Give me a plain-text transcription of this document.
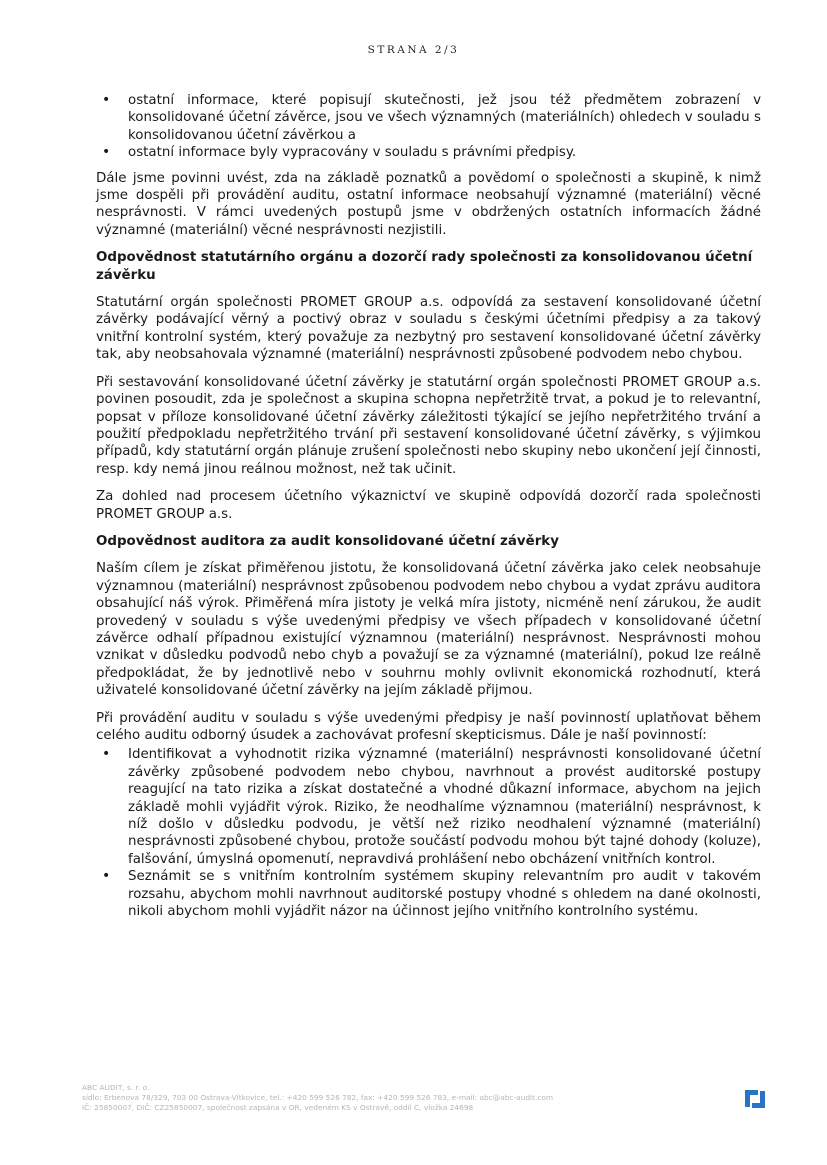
STRANA 2/3
• ostatní informace, které popisují skutečnosti, jež jsou též předmětem zobrazení v konsolidované účetní závěrce, jsou ve všech významných (materiálních) ohledech v souladu s konsolidovanou účetní závěrkou a
• ostatní informace byly vypracovány v souladu s právními předpisy.

Dále jsme povinni uvést, zda na základě poznatků a povědomí o společnosti a skupině, k nimž jsme dospěli při provádění auditu, ostatní informace neobsahují významné (materiální) věcné nesprávnosti. V rámci uvedených postupů jsme v obdržených ostatních informacích žádné významné (materiální) věcné nesprávnosti nezjistili.

Odpovědnost statutárního orgánu a dozorčí rady společnosti za konsolidovanou účetní závěrku

Statutární orgán společnosti PROMET GROUP a.s. odpovídá za sestavení konsolidované účetní závěrky podávající věrný a poctivý obraz v souladu s českými účetními předpisy a za takový vnitřní kontrolní systém, který považuje za nezbytný pro sestavení konsolidované účetní závěrky tak, aby neobsahovala významné (materiální) nesprávnosti způsobené podvodem nebo chybou.

Při sestavování konsolidované účetní závěrky je statutární orgán společnosti PROMET GROUP a.s. povinen posoudit, zda je společnost a skupina schopna nepřetržitě trvat, a pokud je to relevantní, popsat v příloze konsolidované účetní závěrky záležitosti týkající se jejího nepřetržitého trvání a použití předpokladu nepřetržitého trvání při sestavení konsolidované účetní závěrky, s výjimkou případů, kdy statutární orgán plánuje zrušení společnosti nebo skupiny nebo ukončení její činnosti, resp. kdy nemá jinou reálnou možnost, než tak učinit.

Za dohled nad procesem účetního výkaznictví ve skupině odpovídá dozorčí rada společnosti PROMET GROUP a.s.

Odpovědnost auditora za audit konsolidované účetní závěrky

Naším cílem je získat přiměřenou jistotu, že konsolidovaná účetní závěrka jako celek neobsahuje významnou (materiální) nesprávnost způsobenou podvodem nebo chybou a vydat zprávu auditora obsahující náš výrok. Přiměřená míra jistoty je velká míra jistoty, nicméně není zárukou, že audit provedený v souladu s výše uvedenými předpisy ve všech případech v konsolidované účetní závěrce odhalí případnou existující významnou (materiální) nesprávnost. Nesprávnosti mohou vznikat v důsledku podvodů nebo chyb a považují se za významné (materiální), pokud lze reálně předpokládat, že by jednotlivě nebo v souhrnu mohly ovlivnit ekonomická rozhodnutí, která uživatelé konsolidované účetní závěrky na jejím základě přijmou.

Při provádění auditu v souladu s výše uvedenými předpisy je naší povinností uplatňovat během celého auditu odborný úsudek a zachovávat profesní skepticismus. Dále je naší povinností:

• Identifikovat a vyhodnotit rizika významné (materiální) nesprávnosti konsolidované účetní závěrky způsobené podvodem nebo chybou, navrhnout a provést auditorské postupy reagující na tato rizika a získat dostatečné a vhodné důkazní informace, abychom na jejich základě mohli vyjádřit výrok. Riziko, že neodhalíme významnou (materiální) nesprávnost, k níž došlo v důsledku podvodu, je větší než riziko neodhalení významné (materiální) nesprávnosti způsobené chybou, protože součástí podvodu mohou být tajné dohody (koluze), falšování, úmyslná opomenutí, nepravdivá prohlášení nebo obcházení vnitřních kontrol.
• Seznámit se s vnitřním kontrolním systémem skupiny relevantním pro audit v takovém rozsahu, abychom mohli navrhnout auditorské postupy vhodné s ohledem na dané okolnosti, nikoli abychom mohli vyjádřit názor na účinnost jejího vnitřního kontrolního systému.
ABC AUDIT, s. r. o.
sídlo: Erbenova 78/329, 703 00 Ostrava-Vítkovice, tel.: +420 599 526 782, fax: +420 599 526 783, e-mail: abc@abc-audit.com
IČ: 25850007, DIČ: CZ25850007, společnost zapsána v OR, vedeném KS v Ostravě, oddíl C, vložka 24698
